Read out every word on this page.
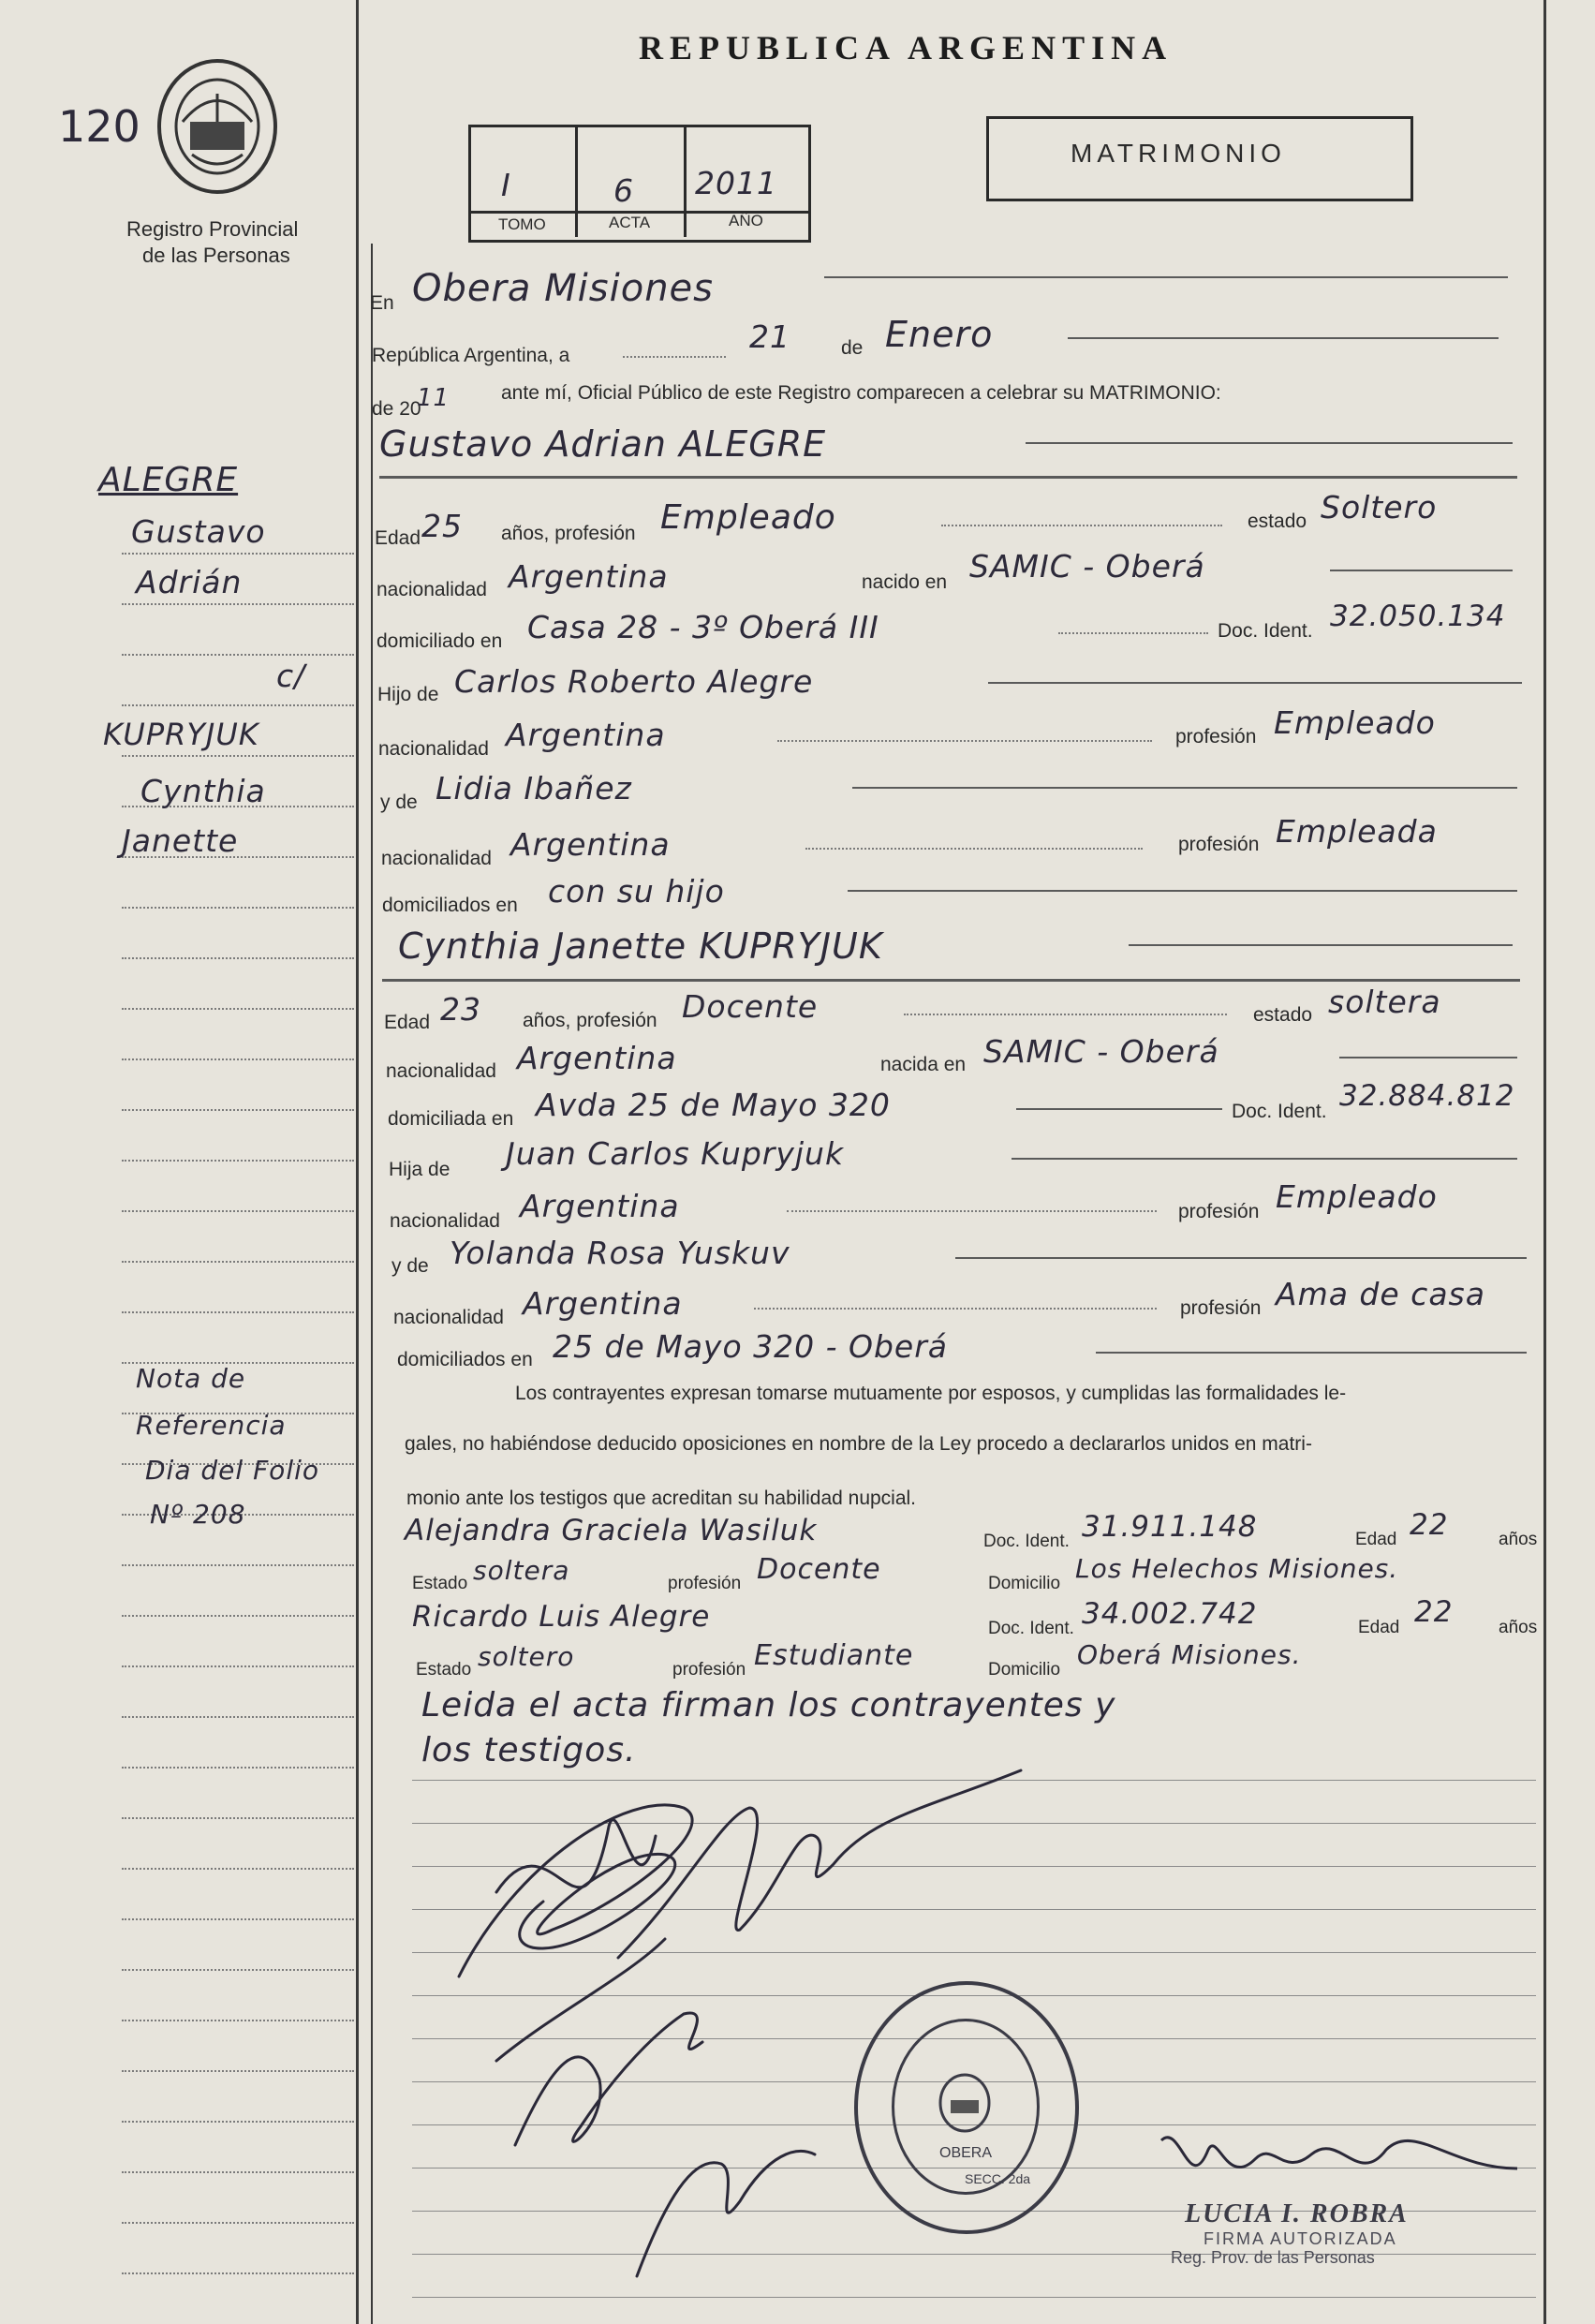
REPUBLICA ARGENTINA
120
Registro Provincial
de las Personas
I	6 2011
TOMO	ACTA	AÑO
MATRIMONIO
En Obera Misiones
República Argentina, a
21	de Enero
de 20
11	ante mí, Oficial Público de este Registro comparecen a celebrar su MATRIMONIO:
Gustavo Adrian ALEGRE
Edad 25 años, profesión Empleado	estado Soltero
nacionalidad Argentina	nacido en SAMIC - Oberá
domiciliado en Casa 28 - 3º Oberá III	Doc. Ident. 32.050.134
Hijo de Carlos Roberto Alegre
nacionalidad Argentina	profesión Empleado
y de Lidia Ibañez
nacionalidad Argentina	profesión Empleada
domiciliados en con su hijo
Cynthia Janette KUPRYJUK
Edad 23 años, profesión Docente	estado soltera
nacionalidad Argentina	nacida en SAMIC - Oberá
domiciliada en Avda 25 de Mayo 320	Doc. Ident. 32.884.812
Hija de Juan Carlos Kupryjuk
nacionalidad Argentina	profesión Empleado
y de Yolanda Rosa Yuskuv
nacionalidad Argentina	profesión Ama de casa
domiciliados en 25 de Mayo 320 - Oberá
Los contrayentes expresan tomarse mutuamente por esposos, y cumplidas las formalidades le-
gales, no habiéndose deducido oposiciones en nombre de la Ley procedo a declararlos unidos en matri-
monio ante los testigos que acreditan su habilidad nupcial.
Alejandra Graciela Wasiluk	Doc. Ident. 31.911.148	Edad 22	años
Estado soltera	profesión Docente	Domicilio Los Helechos Misiones.
Ricardo Luis Alegre	Doc. Ident. 34.002.742	Edad 22	años
Estado soltero	profesión Estudiante	Domicilio Oberá Misiones.
Leida el acta firman los contrayentes y
los testigos.
ALEGRE
Gustavo
Adrián
c/
KUPRYJUK
Cynthia
Janette
Nota de
Referencia
Dia del Folio
Nº 208
OBERA
SECC. 2da
LUCIA I. ROBRA
FIRMA AUTORIZADA
Reg. Prov. de las Personas
